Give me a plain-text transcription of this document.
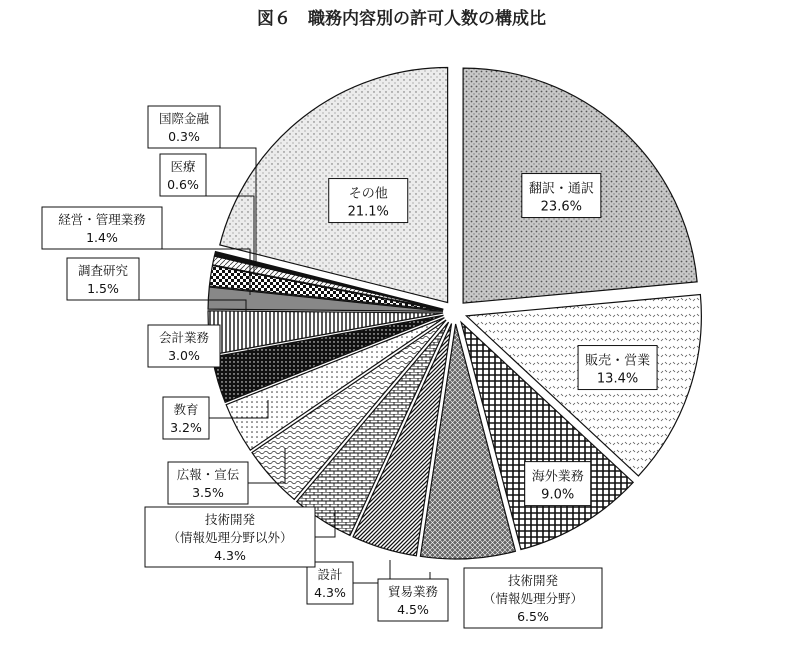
図６　職務内容別の許可人数の構成比
翻訳・通訳
23.6%
販売・営業
13.4%
海外業務
9.0%
技術開発
（情報処理分野）
6.5%
貿易業務
4.5%
設計
4.3%
技術開発
（情報処理分野以外）
4.3%
広報・宣伝
3.5%
教育
3.2%
会計業務
3.0%
調査研究
1.5%
経営・管理業務
1.4%
医療
0.6%
国際金融
0.3%
その他
21.1%
